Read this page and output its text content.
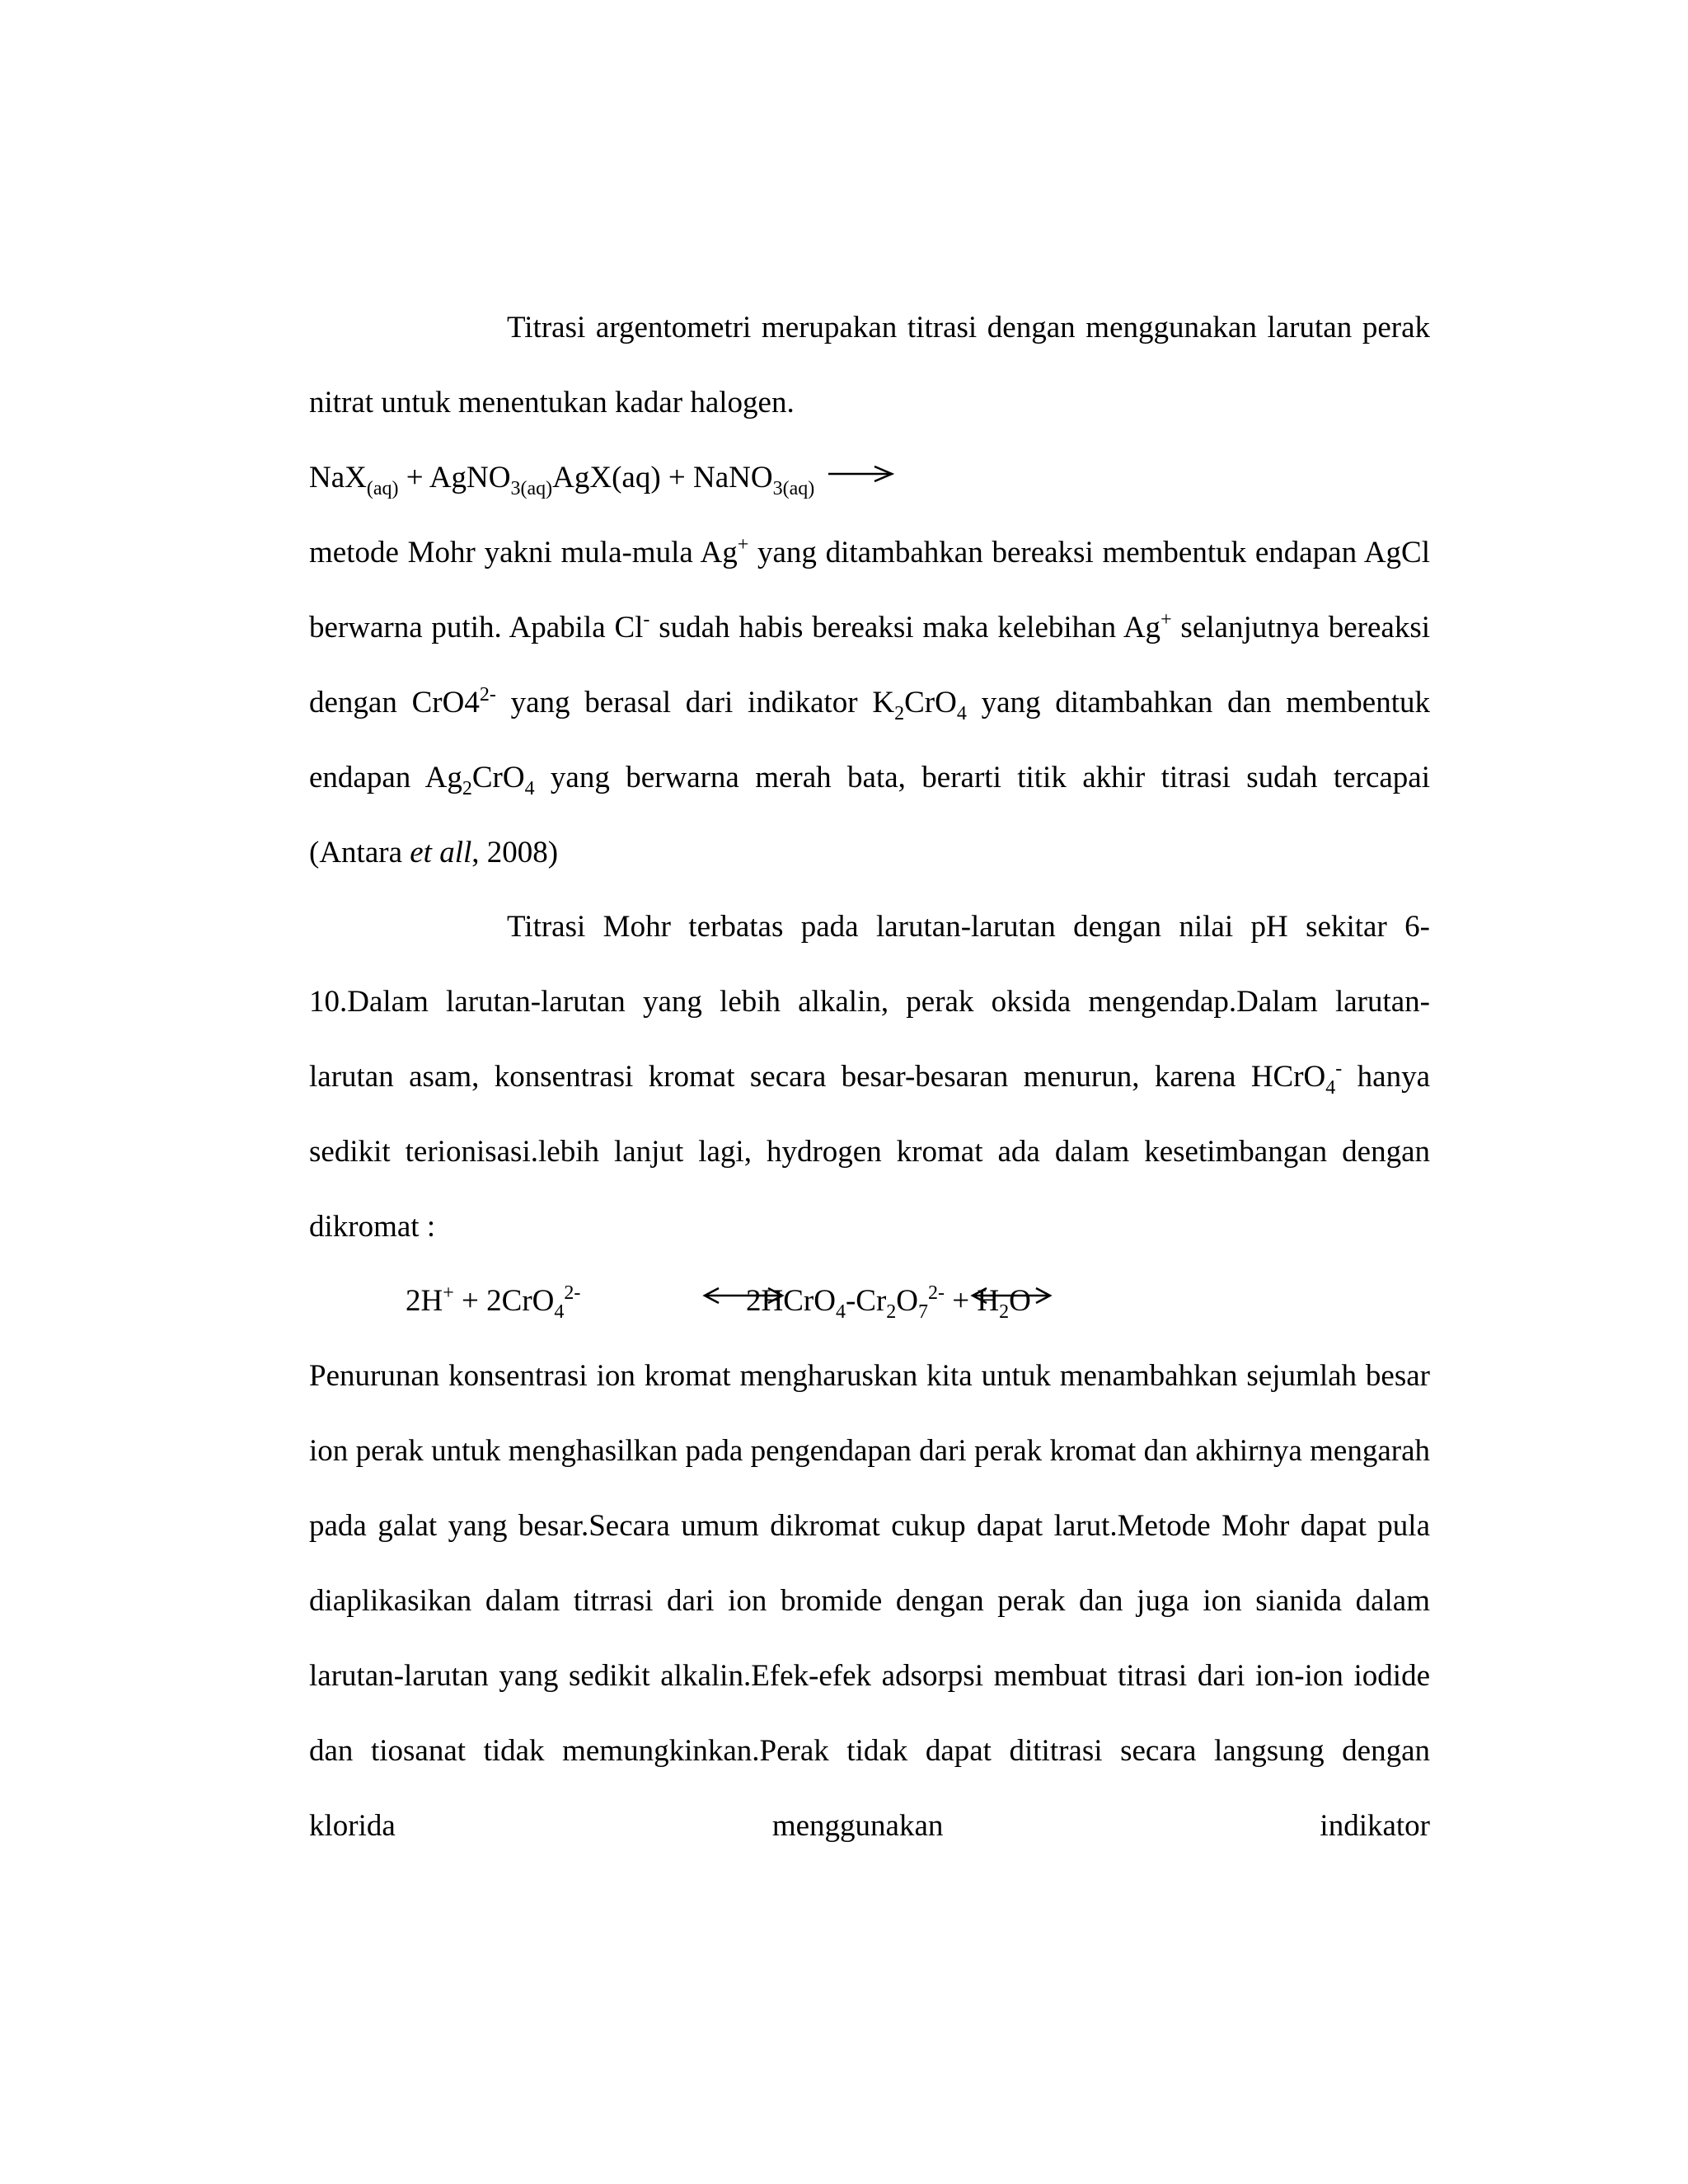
Titrasi argentometri merupakan titrasi dengan menggunakan larutan perak nitrat untuk menentukan kadar halogen.

NaX$_{(aq)}$ + AgNO$_{3(aq)}$AgX(aq) + NaNO$_{3(aq)}$

metode Mohr yakni mula-mula Ag+ yang ditambahkan bereaksi membentuk endapan AgCl berwarna putih. Apabila Cl- sudah habis bereaksi maka kelebihan Ag+ selanjutnya bereaksi dengan $CrO4^{2-}$ yang berasal dari indikator $K_2CrO_4$ yang ditambahkan dan membentuk endapan $Ag_2CrO_4$ yang berwarna merah bata, berarti titik akhir titrasi sudah tercapai (Antara et all, 2008)

Titrasi Mohr terbatas pada larutan-larutan dengan nilai pH sekitar 6-10.Dalam larutan-larutan yang lebih alkalin, perak oksida mengendap.Dalam larutan-larutan asam, konsentrasi kromat secara besar-besaran menurun, karena HCrO$_4$- hanya sedikit terionisasi.lebih lanjut lagi, hydrogen kromat ada dalam kesetimbangan dengan dikromat :

2H+ + 2CrO$_4^{2-}$	$2HCrO_4-Cr_2O_7^{2-} + H_2O$

Penurunan konsentrasi ion kromat mengharuskan kita untuk menambahkan sejumlah besar ion perak untuk menghasilkan pada pengendapan dari perak kromat dan akhirnya mengarah pada galat yang besar.Secara umum dikromat cukup dapat larut.Metode Mohr dapat pula diaplikasikan dalam titrrasi dari ion bromide dengan perak dan juga ion sianida dalam larutan-larutan yang sedikit alkalin.Efek-efek adsorpsi membuat titrasi dari ion-ion iodide dan tiosanat tidak memungkinkan.Perak tidak dapat dititrasi secara langsung dengan klorida menggunakan indikator
